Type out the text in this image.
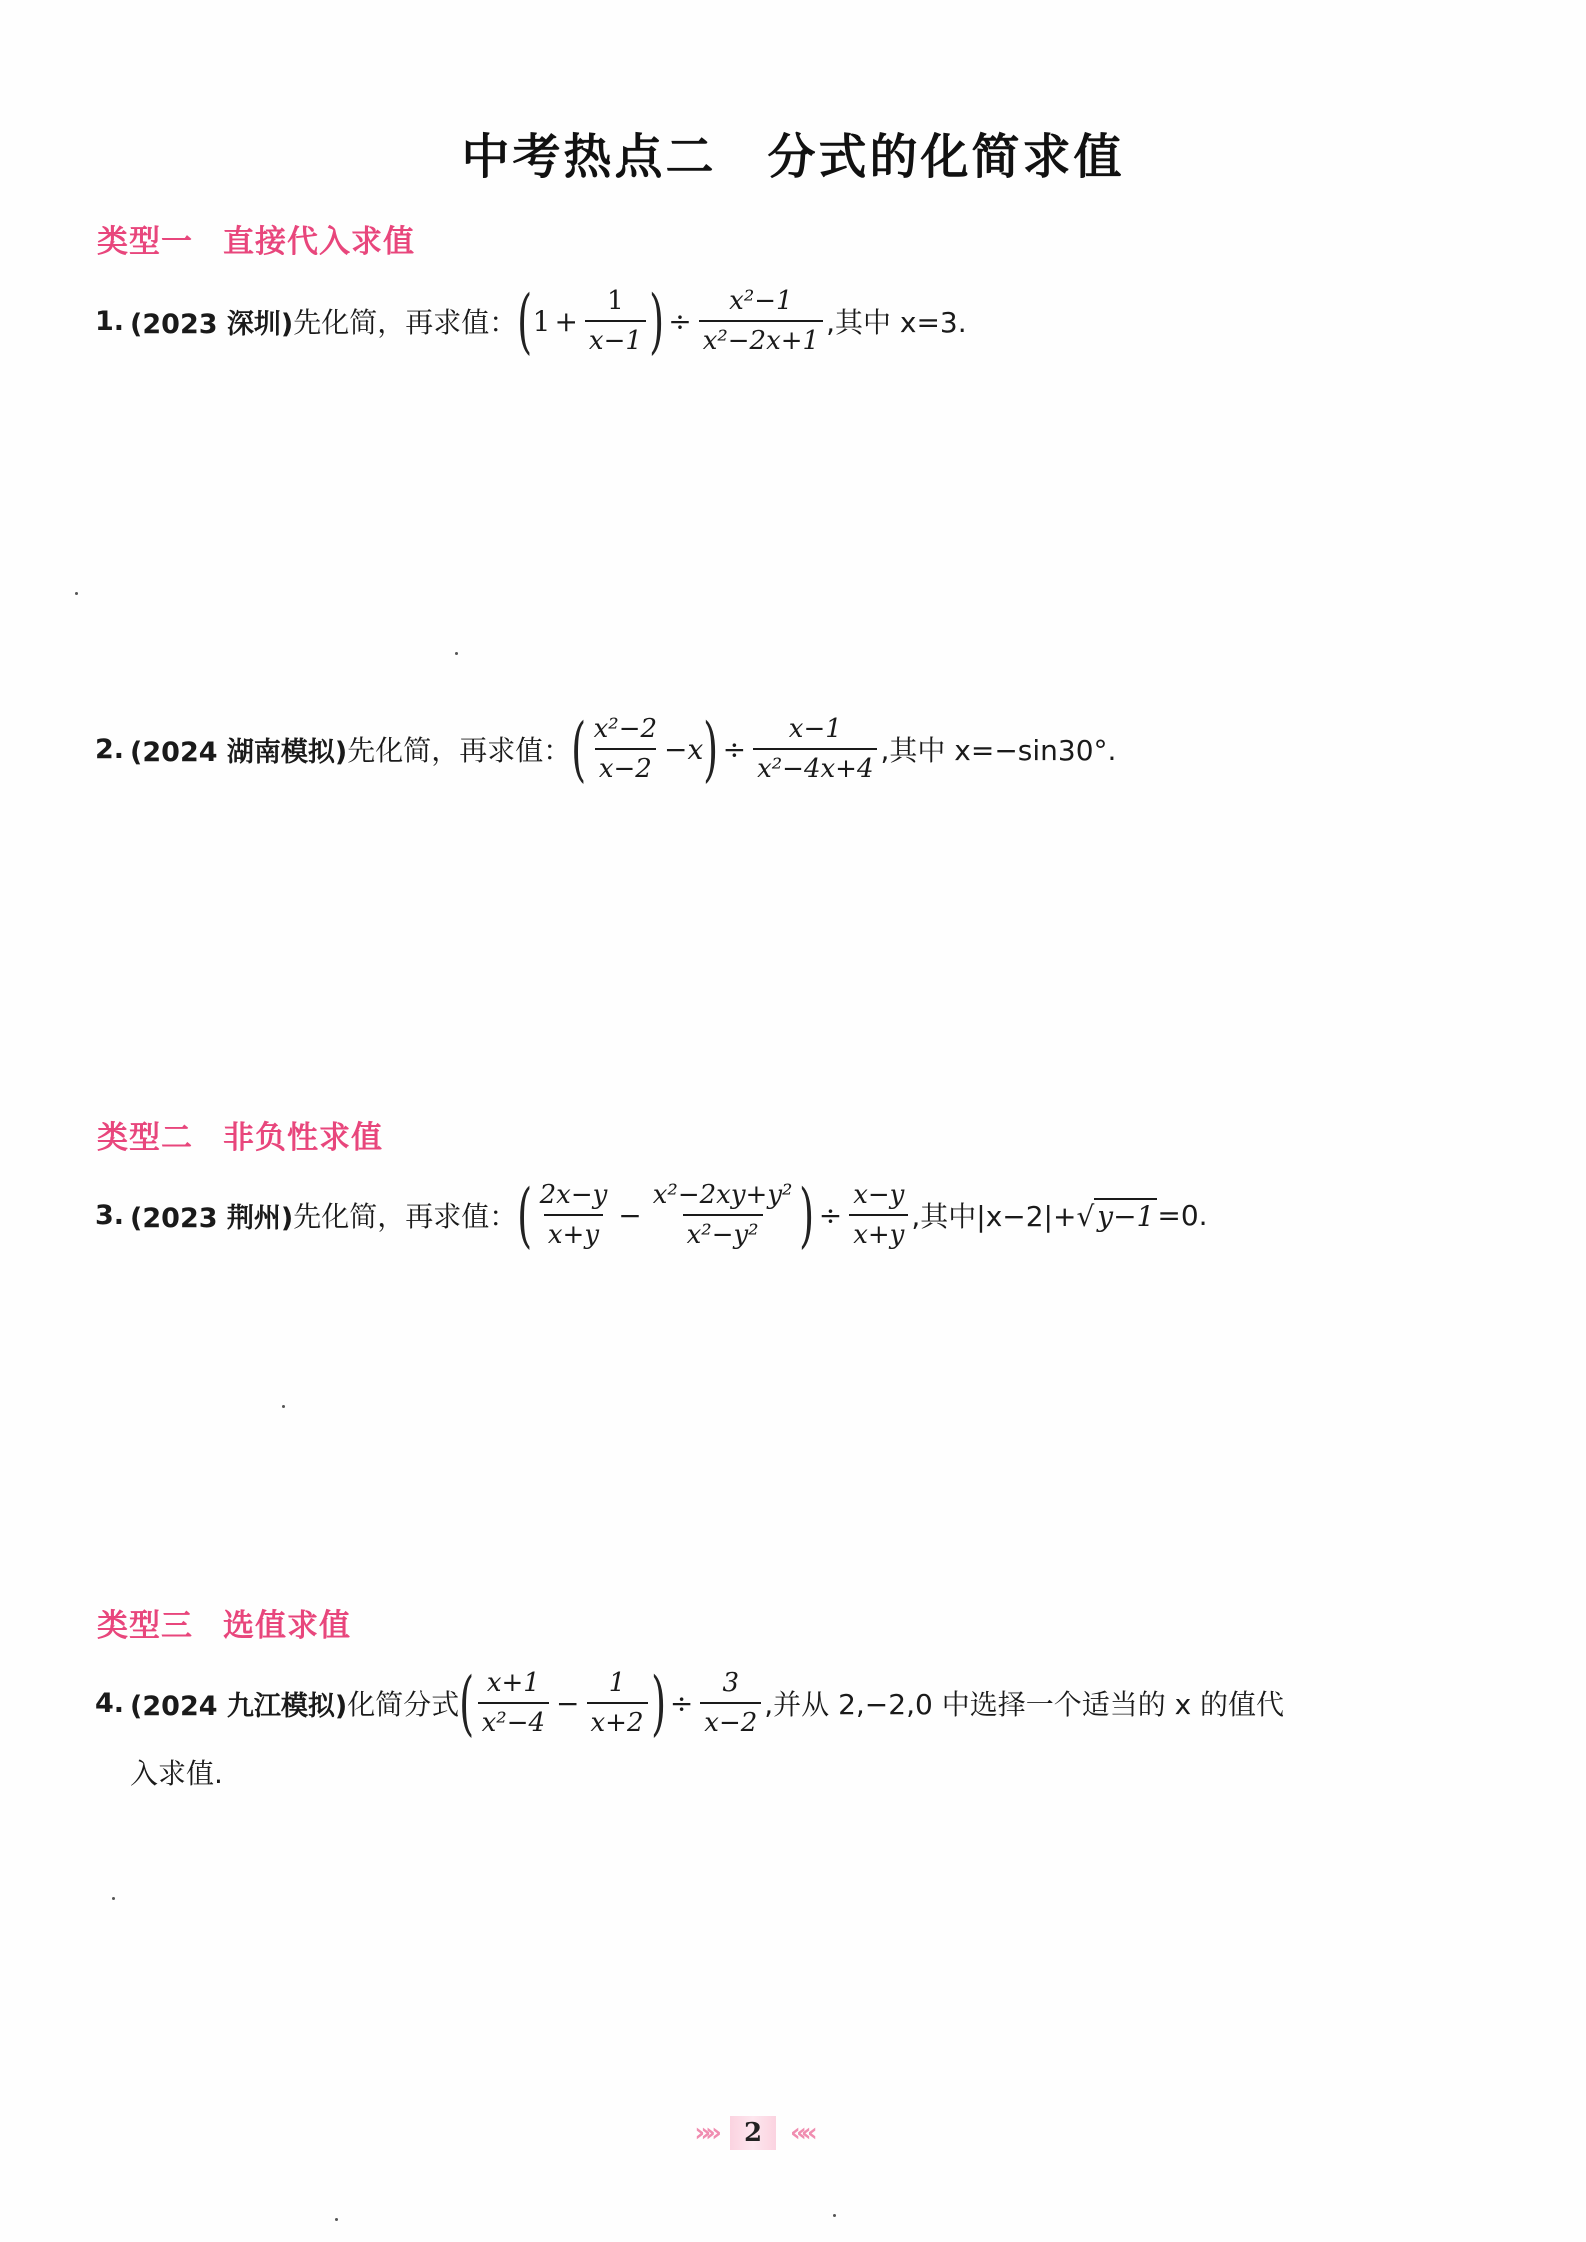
中考热点二　分式的化简求值
类型一 直接代入求值
1. (2023 深圳) 先化简，再求值： ( $1 + \frac{1}{x-1}$ ) ÷ $\frac{\text{x²−1}}{\text{x²−2x+1}}$ ,其中 x=3.
2. (2024 湖南模拟) 先化简，再求值： ( $\frac{\text{x²−2}}{x-2} -x$ ) ÷ $\frac{x-1}{\text{x²−4x+4}}$ ,其中 x=−sin30°.
类型二 非负性求值
3. (2023 荆州) 先化简，再求值： ( $\frac{2x-y}{x+y} - \frac{\text{x²−2xy+y²}}{\text{x²−y²}}$ ) ÷ $\frac{x-y}{x+y}$ ,其中|x−2|+ √ y−1 =0.
类型三 选值求值
4. (2024 九江模拟) 化简分式 ( $\frac{x+1}{\text{x²−4}} - \frac{1}{x+2}$ ) ÷ $\frac{3}{x-2}$ ,并从 2,−2,0 中选择一个适当的 x 的值代
入求值.
»»	2	««
